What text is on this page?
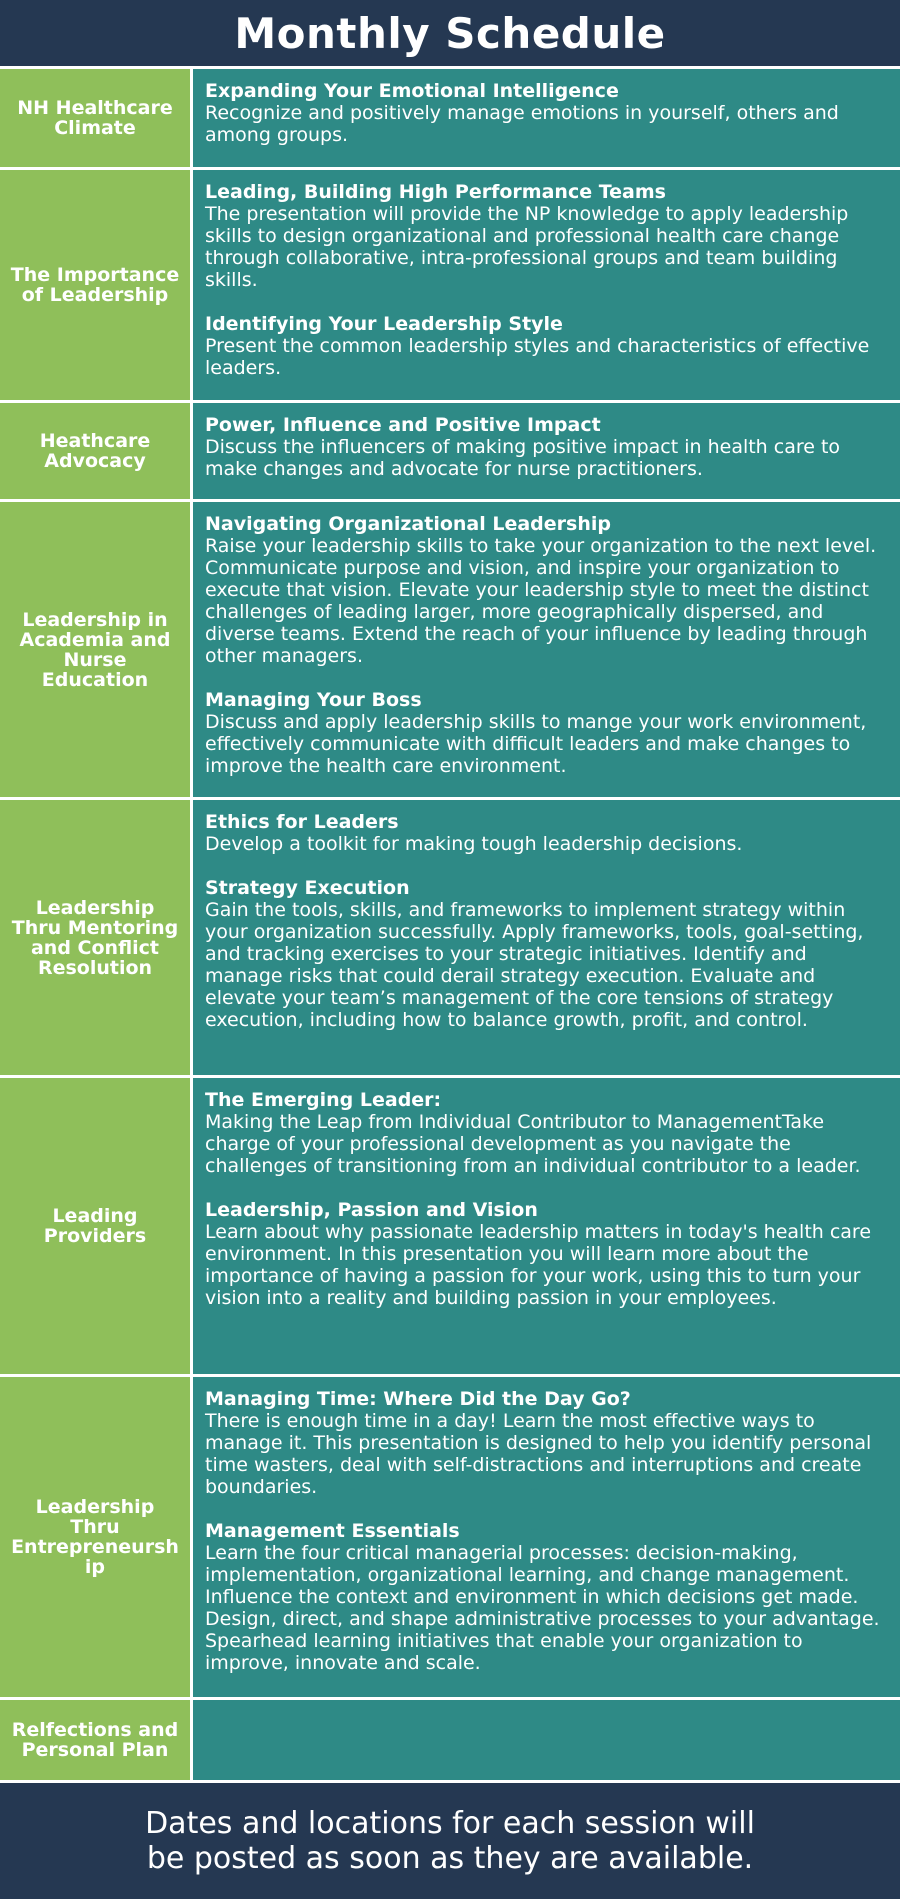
Monthly Schedule
NH Healthcare
Climate
Expanding Your Emotional Intelligence
Recognize and positively manage emotions in yourself, others and among groups.
The Importance
of Leadership
Leading, Building High Performance Teams
The presentation will provide the NP knowledge to apply leadership skills to design organizational and professional health care change through collaborative, intra-professional groups and team building skills.
Identifying Your Leadership Style
Present the common leadership styles and characteristics of effective leaders.
Heathcare
Advocacy
Power, Influence and Positive Impact
Discuss the influencers of making positive impact in health care to make changes and advocate for nurse practitioners.
Leadership in
Academia and
Nurse
Education
Navigating Organizational Leadership
Raise your leadership skills to take your organization to the next level. Communicate purpose and vision, and inspire your organization to execute that vision. Elevate your leadership style to meet the distinct challenges of leading larger, more geographically dispersed, and diverse teams. Extend the reach of your influence by leading through other managers.
Managing Your Boss
Discuss and apply leadership skills to mange your work environment, effectively communicate with difficult leaders and make changes to improve the health care environment.
Leadership
Thru Mentoring
and Conflict
Resolution
Ethics for Leaders
Develop a toolkit for making tough leadership decisions.
Strategy Execution
Gain the tools, skills, and frameworks to implement strategy within your organization successfully. Apply frameworks, tools, goal-setting, and tracking exercises to your strategic initiatives. Identify and manage risks that could derail strategy execution. Evaluate and elevate your team’s management of the core tensions of strategy execution, including how to balance growth, profit, and control.
Leading
Providers
The Emerging Leader:
Making the Leap from Individual Contributor to ManagementTake charge of your professional development as you navigate the challenges of transitioning from an individual contributor to a leader.
Leadership, Passion and Vision
Learn about why passionate leadership matters in today's health care environment. In this presentation you will learn more about the importance of having a passion for your work, using this to turn your vision into a reality and building passion in your employees.
Leadership
Thru
Entrepreneursh
ip
Managing Time: Where Did the Day Go?
There is enough time in a day! Learn the most effective ways to manage it. This presentation is designed to help you identify personal time wasters, deal with self-distractions and interruptions and create boundaries.
Management Essentials
Learn the four critical managerial processes: decision-making, implementation, organizational learning, and change management. Influence the context and environment in which decisions get made. Design, direct, and shape administrative processes to your advantage. Spearhead learning initiatives that enable your organization to improve, innovate and scale.
Relfections and
Personal Plan
Dates and locations for each session will
be posted as soon as they are available.
